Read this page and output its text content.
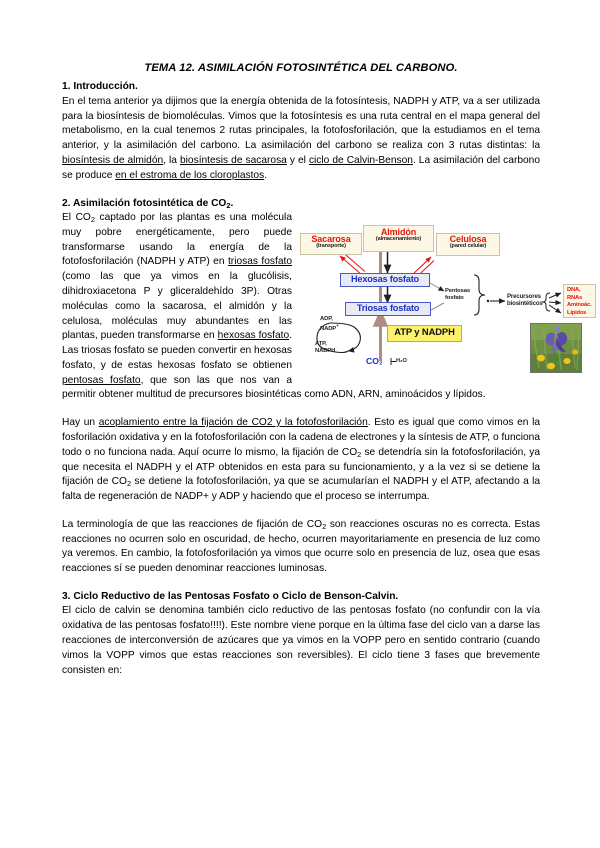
TEMA 12. ASIMILACIÓN FOTOSINTÉTICA DEL CARBONO.
1. Introducción.

En el tema anterior ya dijimos que la energía obtenida de la fotosíntesis, NADPH y ATP, va a ser utilizada para la biosíntesis de biomoléculas. Vimos que la fotosíntesis es una ruta central en el mapa general del metabolismo, en la cual tenemos 2 rutas principales, la fotofosforilación, que la estudiamos en el tema anterior, y la asimilación del carbono. La asimilación del carbono se realiza con 3 rutas distintas: la biosíntesis de almidón, la biosíntesis de sacarosa y el ciclo de Calvin-Benson. La asimilación del carbono se produce en el estroma de los cloroplastos.

2. Asimilación fotosintética de $CO_2$.
Sacarosa
(transporte)
Almidón
(almacenamiento)	Celulosa
(pared celular)
Hexosas fosfato
Triosas fosfato
Pentosas
fosfato	Precursores
biosintéticos
DNA,
RNAs
Aminoác.
Lípidos
ATP y NADPH
ADP,
NADP+
ATP,
NADPH
CO₂ H₂O

El $CO_2$ captado por las plantas es una molécula muy pobre energéticamente, pero puede transformarse usando la energía de la fotofosforilación (NADPH y ATP) en triosas fosfato (como las que ya vimos en la glucólisis, dihidroxiacetona P y gliceraldehído 3P). Otras moléculas como la sacarosa, el almidón y la celulosa, moléculas muy abundantes en las plantas, pueden transformarse en hexosas fosfato. Las triosas fosfato se pueden convertir en hexosas fosfato, y de estas hexosas fosfato se obtienen pentosas fosfato, que son las que nos van a permitir obtener multitud de precursores biosintéticas como ADN, ARN, aminoácidos y lípidos.

Hay un acoplamiento entre la fijación de CO2 y la fotofosforilación. Esto es igual que como vimos en la fosforilación oxidativa y en la fotofosforilación con la cadena de electrones y la síntesis de ATP, o funciona todo o no funciona nada. Aquí ocurre lo mismo, la fijación de $CO_2$ se detendría sin la fotofosforilación, ya que necesita el NADPH y el ATP obtenidos en esta para su funcionamiento, y a la vez si se detiene la fijación de $CO_2$ se detiene la fotofosforilación, ya que se acumularían el NADPH y el ATP, afectando a la falta de regeneración de NADP+ y ADP y haciendo que el proceso se interrumpa.

La terminología de que las reacciones de fijación de $CO_2$ son reacciones oscuras no es correcta. Estas reacciones no ocurren solo en oscuridad, de hecho, ocurren mayoritariamente en presencia de luz como ya veremos. En cambio, la fotofosforilación ya vimos que ocurre solo en presencia de luz, osea que esas reacciones sí se pueden denominar reacciones luminosas.

3. Ciclo Reductivo de las Pentosas Fosfato o Ciclo de Benson-Calvin.

El ciclo de calvin se denomina también ciclo reductivo de las pentosas fosfato (no confundir con la vía oxidativa de las pentosas fosfato!!!!). Este nombre viene porque en la última fase del ciclo van a darse las reacciones de interconversión de azúcares que ya vimos en la VOPP pero en sentido contrario (cuando vimos la VOPP vimos que estas reacciones son reversibles). El ciclo tiene 3 fases que brevemente consisten en:
